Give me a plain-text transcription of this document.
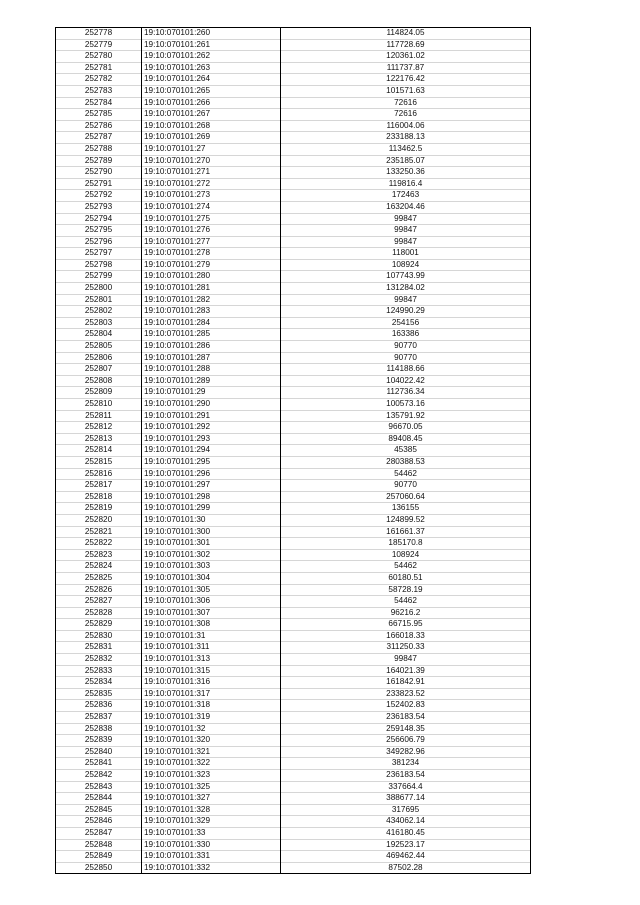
252778	19:10:070101:260	114824.05
252779	19:10:070101:261	117728.69
252780	19:10:070101:262	120361.02
252781	19:10:070101:263	111737.87
252782	19:10:070101:264	122176.42
252783	19:10:070101:265	101571.63
252784	19:10:070101:266	72616
252785	19:10:070101:267	72616
252786	19:10:070101:268	116004.06
252787	19:10:070101:269	233188.13
252788	19:10:070101:27	113462.5
252789	19:10:070101:270	235185.07
252790	19:10:070101:271	133250.36
252791	19:10:070101:272	119816.4
252792	19:10:070101:273	172463
252793	19:10:070101:274	163204.46
252794	19:10:070101:275	99847
252795	19:10:070101:276	99847
252796	19:10:070101:277	99847
252797	19:10:070101:278	118001
252798	19:10:070101:279	108924
252799	19:10:070101:280	107743.99
252800	19:10:070101:281	131284.02
252801	19:10:070101:282	99847
252802	19:10:070101:283	124990.29
252803	19:10:070101:284	254156
252804	19:10:070101:285	163386
252805	19:10:070101:286	90770
252806	19:10:070101:287	90770
252807	19:10:070101:288	114188.66
252808	19:10:070101:289	104022.42
252809	19:10:070101:29	112736.34
252810	19:10:070101:290	100573.16
252811	19:10:070101:291	135791.92
252812	19:10:070101:292	96670.05
252813	19:10:070101:293	89408.45
252814	19:10:070101:294	45385
252815	19:10:070101:295	280388.53
252816	19:10:070101:296	54462
252817	19:10:070101:297	90770
252818	19:10:070101:298	257060.64
252819	19:10:070101:299	136155
252820	19:10:070101:30	124899.52
252821	19:10:070101:300	161661.37
252822	19:10:070101:301	185170.8
252823	19:10:070101:302	108924
252824	19:10:070101:303	54462
252825	19:10:070101:304	60180.51
252826	19:10:070101:305	58728.19
252827	19:10:070101:306	54462
252828	19:10:070101:307	96216.2
252829	19:10:070101:308	66715.95
252830	19:10:070101:31	166018.33
252831	19:10:070101:311	311250.33
252832	19:10:070101:313	99847
252833	19:10:070101:315	164021.39
252834	19:10:070101:316	161842.91
252835	19:10:070101:317	233823.52
252836	19:10:070101:318	152402.83
252837	19:10:070101:319	236183.54
252838	19:10:070101:32	259148.35
252839	19:10:070101:320	256606.79
252840	19:10:070101:321	349282.96
252841	19:10:070101:322	381234
252842	19:10:070101:323	236183.54
252843	19:10:070101:325	337664.4
252844	19:10:070101:327	388677.14
252845	19:10:070101:328	317695
252846	19:10:070101:329	434062.14
252847	19:10:070101:33	416180.45
252848	19:10:070101:330	192523.17
252849	19:10:070101:331	469462.44
252850	19:10:070101:332	87502.28
